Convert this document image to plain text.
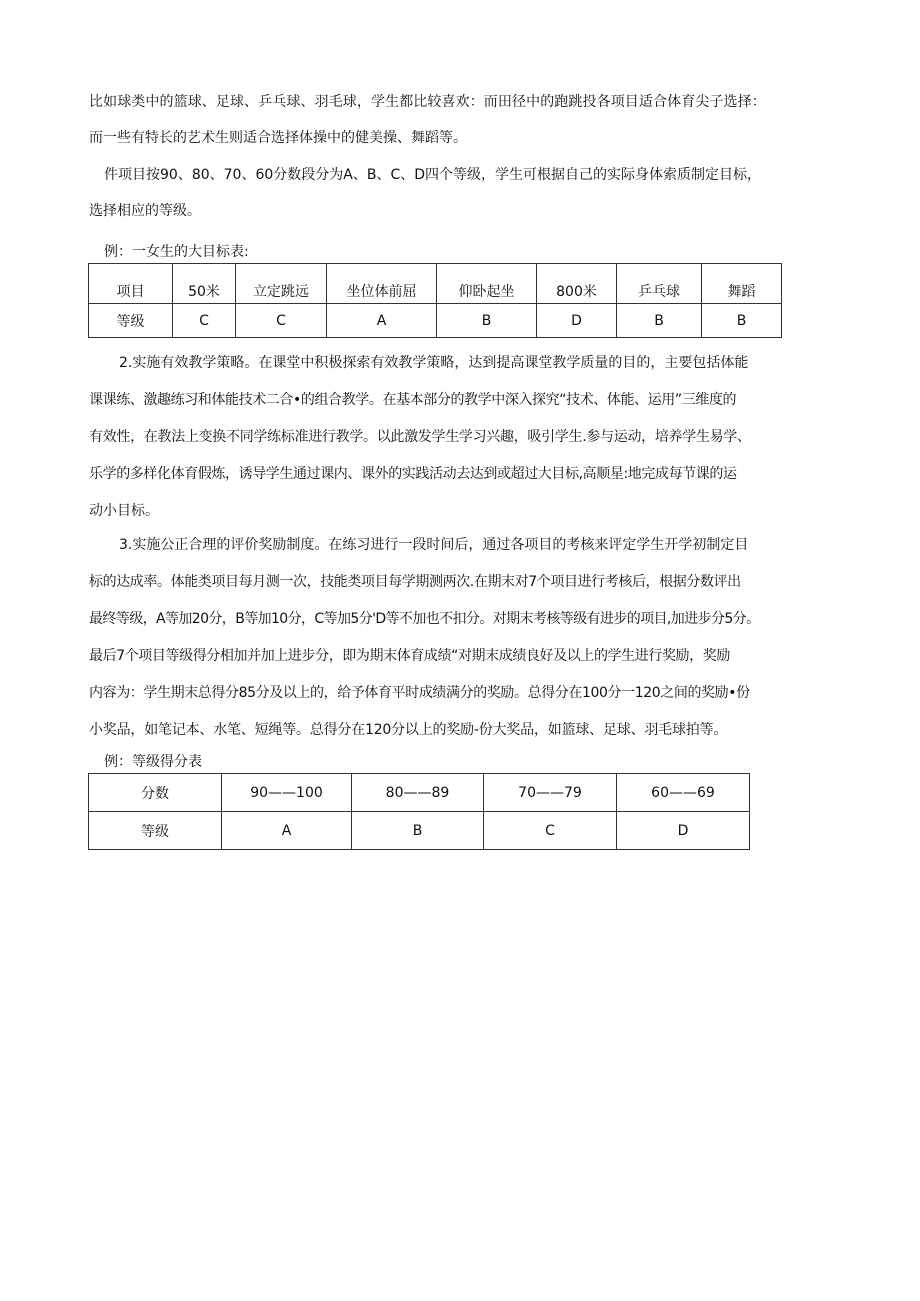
比如球类中的篮球、足球、乒乓球、羽毛球，学生都比较喜欢：而田径中的跑跳投各项目适合体育尖子选择：
而一些有特长的艺术生则适合选择体操中的健美操、舞蹈等。
件项目按90、80、70、60分数段分为A、B、C、D四个等级，学生可根据自己的实际身体索质制定目标，
选择相应的等级。

例：一女生的大目标表:

项目	50米	立定跳远	坐位体前屈	仰卧起坐	800米	乒乓球	舞蹈
等级	C	C	A	B	D	B	B
2.实施有效教学策略。在课堂中积极探索有效教学策略，达到提高课堂教学质量的目的，主要包括体能
课课练、激趣练习和体能技术二合•的组合教学。在基本部分的教学中深入探究“技术、体能、运用”三维度的
有效性，在教法上变换不同学练标准进行教学。以此激发学生学习兴趣，吸引学生.参与运动，培养学生易学、
乐学的多样化体育假炼，诱导学生通过课内、课外的实践活动去达到或超过大目标,高顺星:地完成每节课的运
动小目标。
3.实施公正合理的评价奖励制度。在练习进行一段时间后，通过各项目的考核来评定学生开学初制定目
标的达成率。体能类项目每月测一次，技能类项目每学期测两次.在期末对7个项目进行考核后，根据分数评出
最终等级，A等加20分，B等加10分，C等加5分'D等不加也不扣分。对期末考核等级有进步的项目,加进步分5分。
最后7个项目等级得分相加并加上进步分，即为期末体育成绩“对期末成绩良好及以上的学生进行奖励，奖励
内容为：学生期末总得分85分及以上的，给予体育平时成绩满分的奖励。总得分在100分一120之间的奖励•份
小奖品，如笔记本、水笔、短绳等。总得分在120分以上的奖励-份大奖品，如篮球、足球、羽毛球拍等。

例：等级得分表

分数	90——100	80——89	70——79	60——69
等级	A	B	C	D
